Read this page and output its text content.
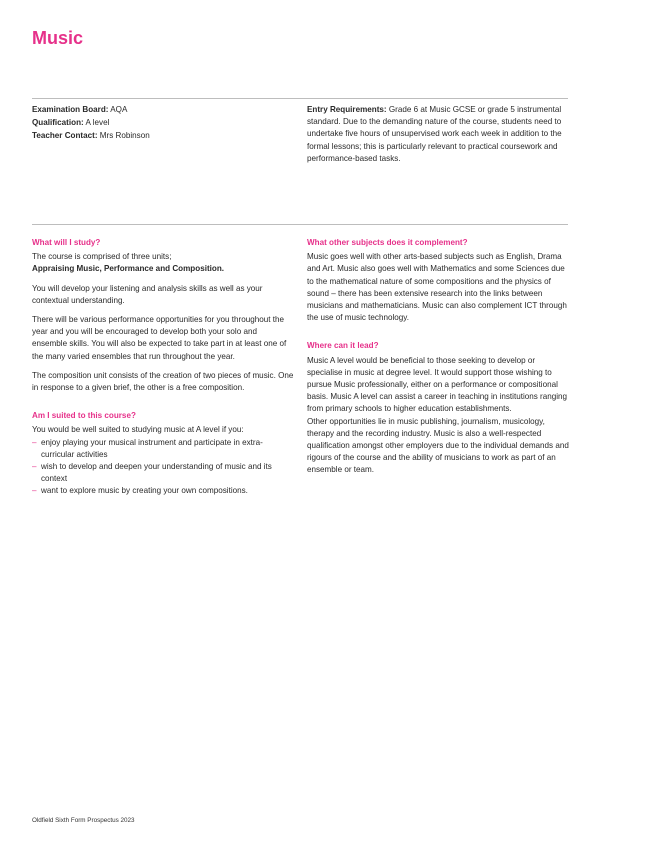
Music
Examination Board: AQA
Qualification: A level
Teacher Contact: Mrs Robinson
Entry Requirements: Grade 6 at Music GCSE or grade 5 instrumental standard. Due to the demanding nature of the course, students need to undertake five hours of unsupervised work each week in addition to the formal lessons; this is particularly relevant to practical coursework and performance-based tasks.
What will I study?

The course is comprised of three units;
Appraising Music, Performance and Composition.

You will develop your listening and analysis skills as well as your contextual understanding.

There will be various performance opportunities for you throughout the year and you will be encouraged to develop both your solo and ensemble skills. You will also be expected to take part in at least one of the many varied ensembles that run throughout the year.

The composition unit consists of the creation of two pieces of music. One in response to a given brief, the other is a free composition.

Am I suited to this course?
You would be well suited to studying music at A level if you:
– enjoy playing your musical instrument and participate in extra-curricular activities
– wish to develop and deepen your understanding of music and its context
– want to explore music by creating your own compositions.
What other subjects does it complement?

Music goes well with other arts-based subjects such as English, Drama and Art. Music also goes well with Mathematics and some Sciences due to the mathematical nature of some compositions and the physics of sound – there has been extensive research into the links between musicians and mathematicians. Music can also complement ICT through the use of music technology.

Where can it lead?
Music A level would be beneficial to those seeking to develop or specialise in music at degree level. It would support those wishing to pursue Music professionally, either on a performance or compositional basis. Music A level can assist a career in teaching in institutions ranging from primary schools to higher education establishments.
Other opportunities lie in music publishing, journalism, musicology, therapy and the recording industry. Music is also a well-respected qualification amongst other employers due to the individual demands and rigours of the course and the ability of musicians to work as part of an ensemble or team.
Oldfield Sixth Form Prospectus 2023
